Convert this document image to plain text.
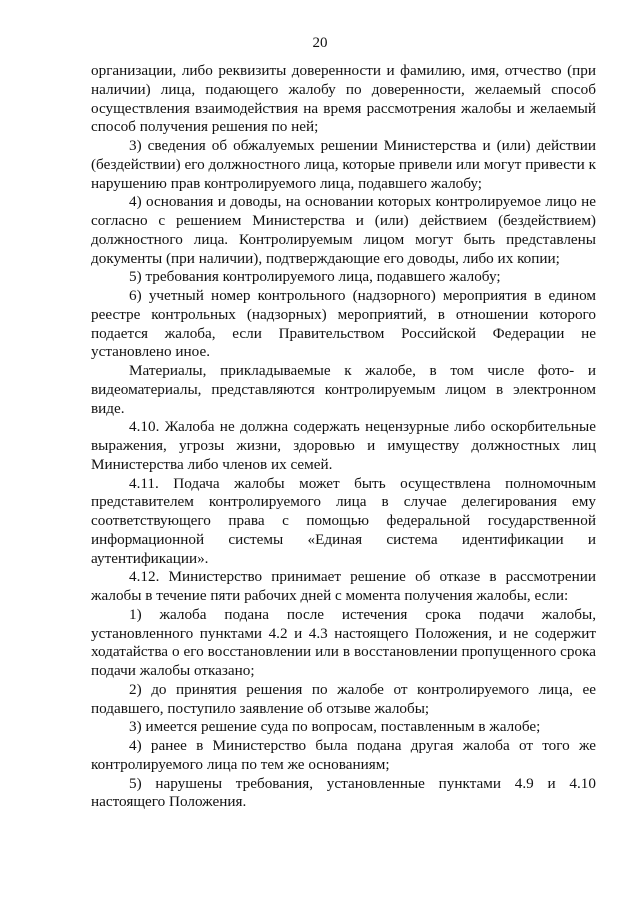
20

организации, либо реквизиты доверенности и фамилию, имя, отчество (при наличии) лица, подающего жалобу по доверенности, желаемый способ осуществления взаимодействия на время рассмотрения жалобы и желаемый способ получения решения по ней;

3) сведения об обжалуемых решении Министерства и (или) действии (бездействии) его должностного лица, которые привели или могут привести к нарушению прав контролируемого лица, подавшего жалобу;

4) основания и доводы, на основании которых контролируемое лицо не согласно с решением Министерства и (или) действием (бездействием) должностного лица. Контролируемым лицом могут быть представлены документы (при наличии), подтверждающие его доводы, либо их копии;

5) требования контролируемого лица, подавшего жалобу;

6) учетный номер контрольного (надзорного) мероприятия в едином реестре контрольных (надзорных) мероприятий, в отношении которого подается жалоба, если Правительством Российской Федерации не установлено иное.

Материалы, прикладываемые к жалобе, в том числе фото- и видеоматериалы, представляются контролируемым лицом в электронном виде.

4.10. Жалоба не должна содержать нецензурные либо оскорбительные выражения, угрозы жизни, здоровью и имуществу должностных лиц Министерства либо членов их семей.

4.11. Подача жалобы может быть осуществлена полномочным представителем контролируемого лица в случае делегирования ему соответствующего права с помощью федеральной государственной информационной системы «Единая система идентификации и аутентификации».

4.12. Министерство принимает решение об отказе в рассмотрении жалобы в течение пяти рабочих дней с момента получения жалобы, если:

1) жалоба подана после истечения срока подачи жалобы, установленного пунктами 4.2 и 4.3 настоящего Положения, и не содержит ходатайства о его восстановлении или в восстановлении пропущенного срока подачи жалобы отказано;

2) до принятия решения по жалобе от контролируемого лица, ее подавшего, поступило заявление об отзыве жалобы;

3) имеется решение суда по вопросам, поставленным в жалобе;

4) ранее в Министерство была подана другая жалоба от того же контролируемого лица по тем же основаниям;

5) нарушены требования, установленные пунктами 4.9 и 4.10 настоящего Положения.
